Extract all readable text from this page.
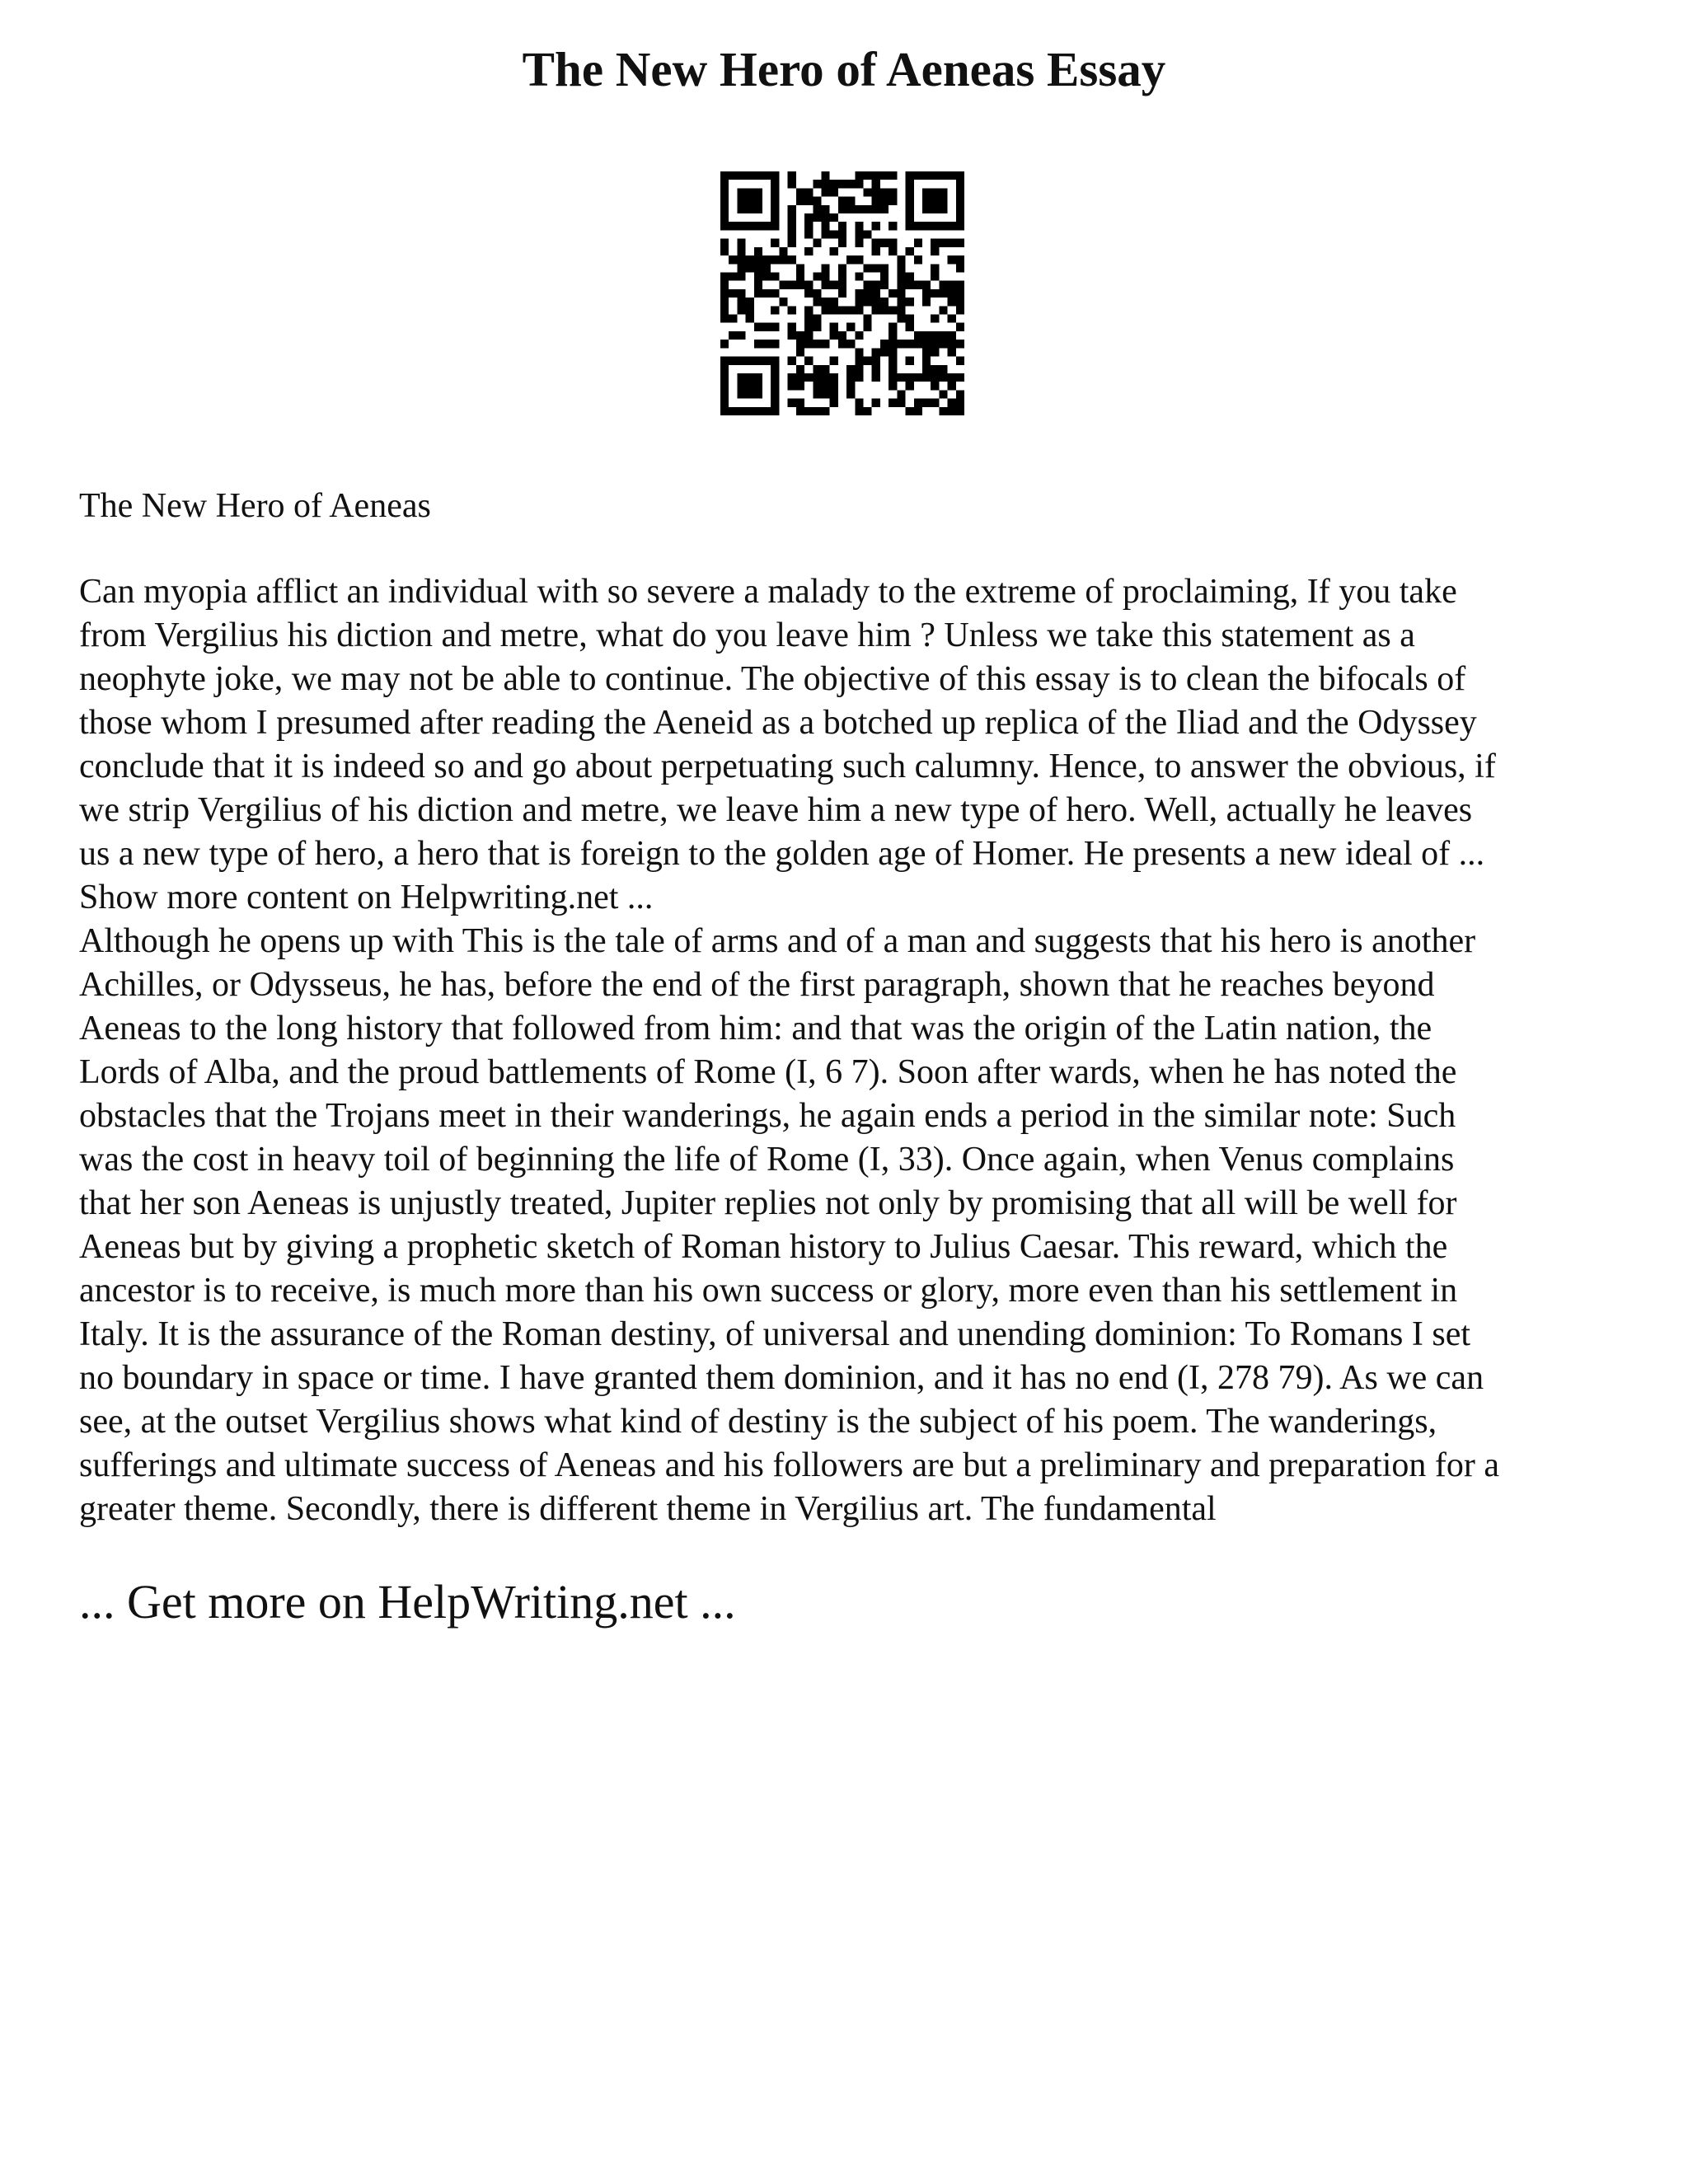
The New Hero of Aeneas Essay

The New Hero of Aeneas

Can myopia afflict an individual with so severe a malady to the extreme of proclaiming, If you take
from Vergilius his diction and metre, what do you leave him ? Unless we take this statement as a
neophyte joke, we may not be able to continue. The objective of this essay is to clean the bifocals of
those whom I presumed after reading the Aeneid as a botched up replica of the Iliad and the Odyssey
conclude that it is indeed so and go about perpetuating such calumny. Hence, to answer the obvious, if
we strip Vergilius of his diction and metre, we leave him a new type of hero. Well, actually he leaves
us a new type of hero, a hero that is foreign to the golden age of Homer. He presents a new ideal of ...
Show more content on Helpwriting.net ...
Although he opens up with This is the tale of arms and of a man and suggests that his hero is another
Achilles, or Odysseus, he has, before the end of the first paragraph, shown that he reaches beyond
Aeneas to the long history that followed from him: and that was the origin of the Latin nation, the
Lords of Alba, and the proud battlements of Rome (I, 6 7). Soon after wards, when he has noted the
obstacles that the Trojans meet in their wanderings, he again ends a period in the similar note: Such
was the cost in heavy toil of beginning the life of Rome (I, 33). Once again, when Venus complains
that her son Aeneas is unjustly treated, Jupiter replies not only by promising that all will be well for
Aeneas but by giving a prophetic sketch of Roman history to Julius Caesar. This reward, which the
ancestor is to receive, is much more than his own success or glory, more even than his settlement in
Italy. It is the assurance of the Roman destiny, of universal and unending dominion: To Romans I set
no boundary in space or time. I have granted them dominion, and it has no end (I, 278 79). As we can
see, at the outset Vergilius shows what kind of destiny is the subject of his poem. The wanderings,
sufferings and ultimate success of Aeneas and his followers are but a preliminary and preparation for a
greater theme. Secondly, there is different theme in Vergilius art. The fundamental

... Get more on HelpWriting.net ...
